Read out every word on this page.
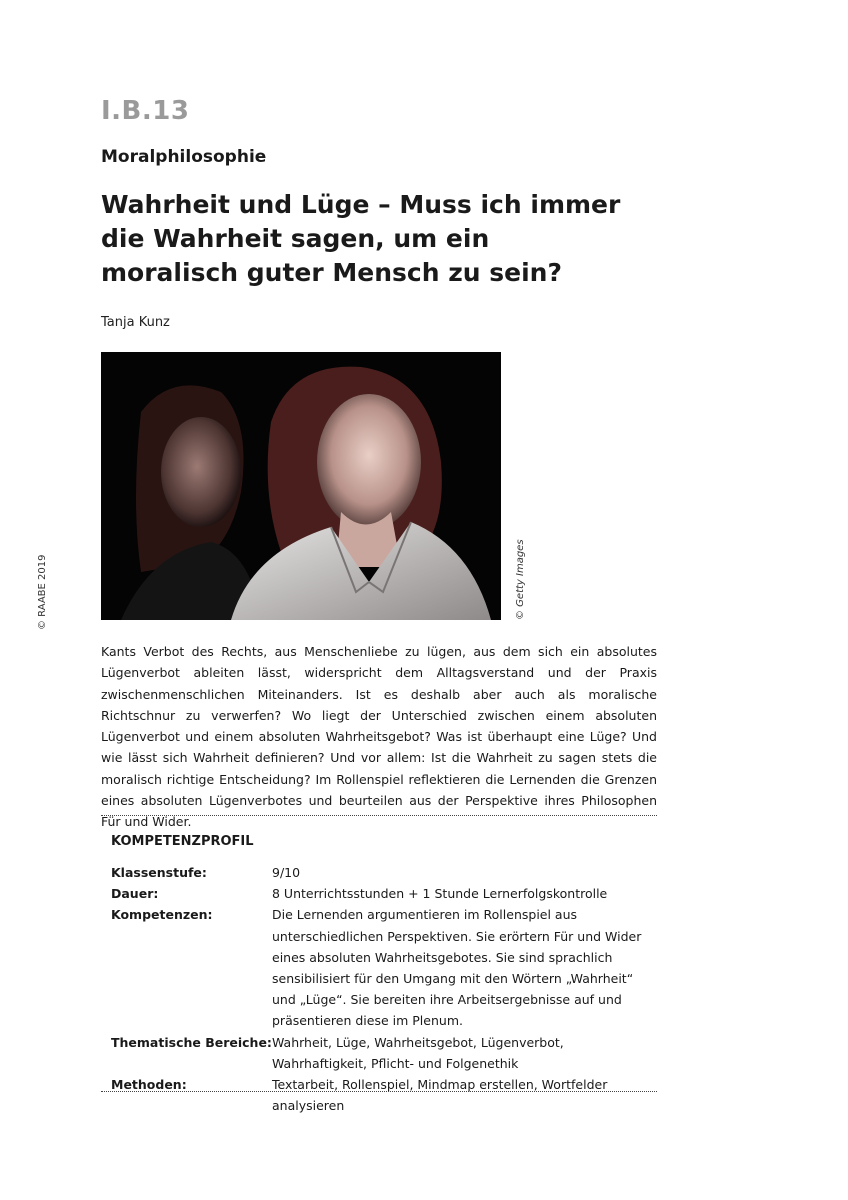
I.B.13
Moralphilosophie
Wahrheit und Lüge – Muss ich immer die Wahrheit sagen, um ein moralisch guter Mensch zu sein?
Tanja Kunz
© Getty Images
© RAABE 2019

Kants Verbot des Rechts, aus Menschenliebe zu lügen, aus dem sich ein absolutes Lügenverbot ableiten lässt, widerspricht dem Alltagsverstand und der Praxis zwischenmenschlichen Miteinanders. Ist es deshalb aber auch als moralische Richtschnur zu verwerfen? Wo liegt der Unterschied zwischen einem absoluten Lügenverbot und einem absoluten Wahrheitsgebot? Was ist überhaupt eine Lüge? Und wie lässt sich Wahrheit definieren? Und vor allem: Ist die Wahrheit zu sagen stets die moralisch richtige Entscheidung? Im Rollenspiel reflektieren die Lernenden die Grenzen eines absoluten Lügenverbotes und beurteilen aus der Perspektive ihres Philosophen Für und Wider.

KOMPETENZPROFIL
Klassenstufe:	9/10
Dauer:	8 Unterrichtsstunden + 1 Stunde Lernerfolgskontrolle
Kompetenzen:	Die Lernenden argumentieren im Rollenspiel aus unterschiedlichen Perspektiven. Sie erörtern Für und Wider eines absoluten Wahrheitsgebotes. Sie sind sprachlich sensibilisiert für den Umgang mit den Wörtern „Wahrheit“ und „Lüge“. Sie bereiten ihre Arbeitsergebnisse auf und präsentieren diese im Plenum.
Thematische Bereiche:	Wahrheit, Lüge, Wahrheitsgebot, Lügenverbot, Wahrhaftigkeit, Pflicht- und Folgenethik
Methoden:	Textarbeit, Rollenspiel, Mindmap erstellen, Wortfelder analysieren
